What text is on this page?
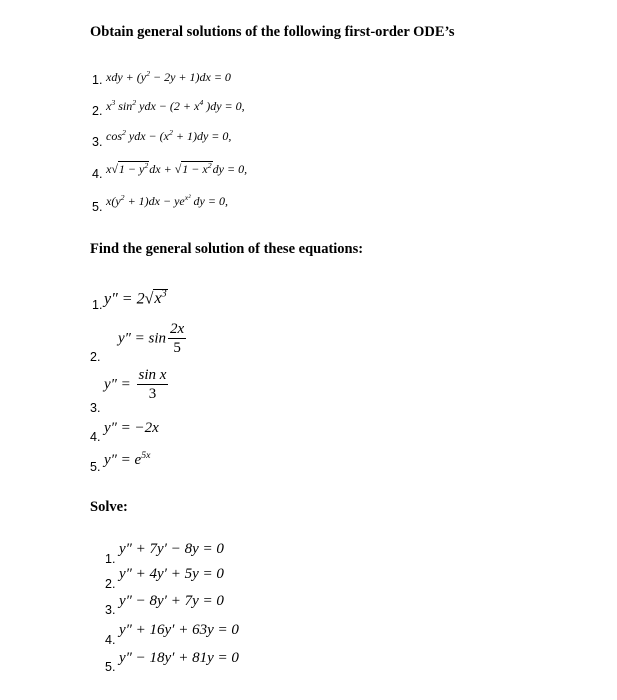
Obtain general solutions of the following first-order ODE’s
1. xdy + $(y^2 - 2y + 1)dx = 0$
2. $x^3$ $\sin^2$ ydx − ($2 + x^4$ )dy = 0,
3. $\cos^2$ ydx − $(x^2 + 1)dy = 0$,
4. $x√1 - y^2dx + √1 - x^2dy = 0$,
5. $x(y^2 + 1)dx - ye^{x^2}$ dy = 0,
Find the general solution of these equations:
1. $y'' = 2√x^3$
2.
$y'' = \sin \frac{2x}{5}$
3.
$y'' = \frac{\text{sin x}}{3}$
4.
y″ = −2x
5. $y'' = e^{5x}$
Solve:
1.
y″ + 7y′ − 8y = 0
2.
y″ + 4y′ + 5y = 0
3.
y″ − 8y′ + 7y = 0
4.
y″ + 16y′ + 63y = 0
5.
y″ − 18y′ + 81y = 0
